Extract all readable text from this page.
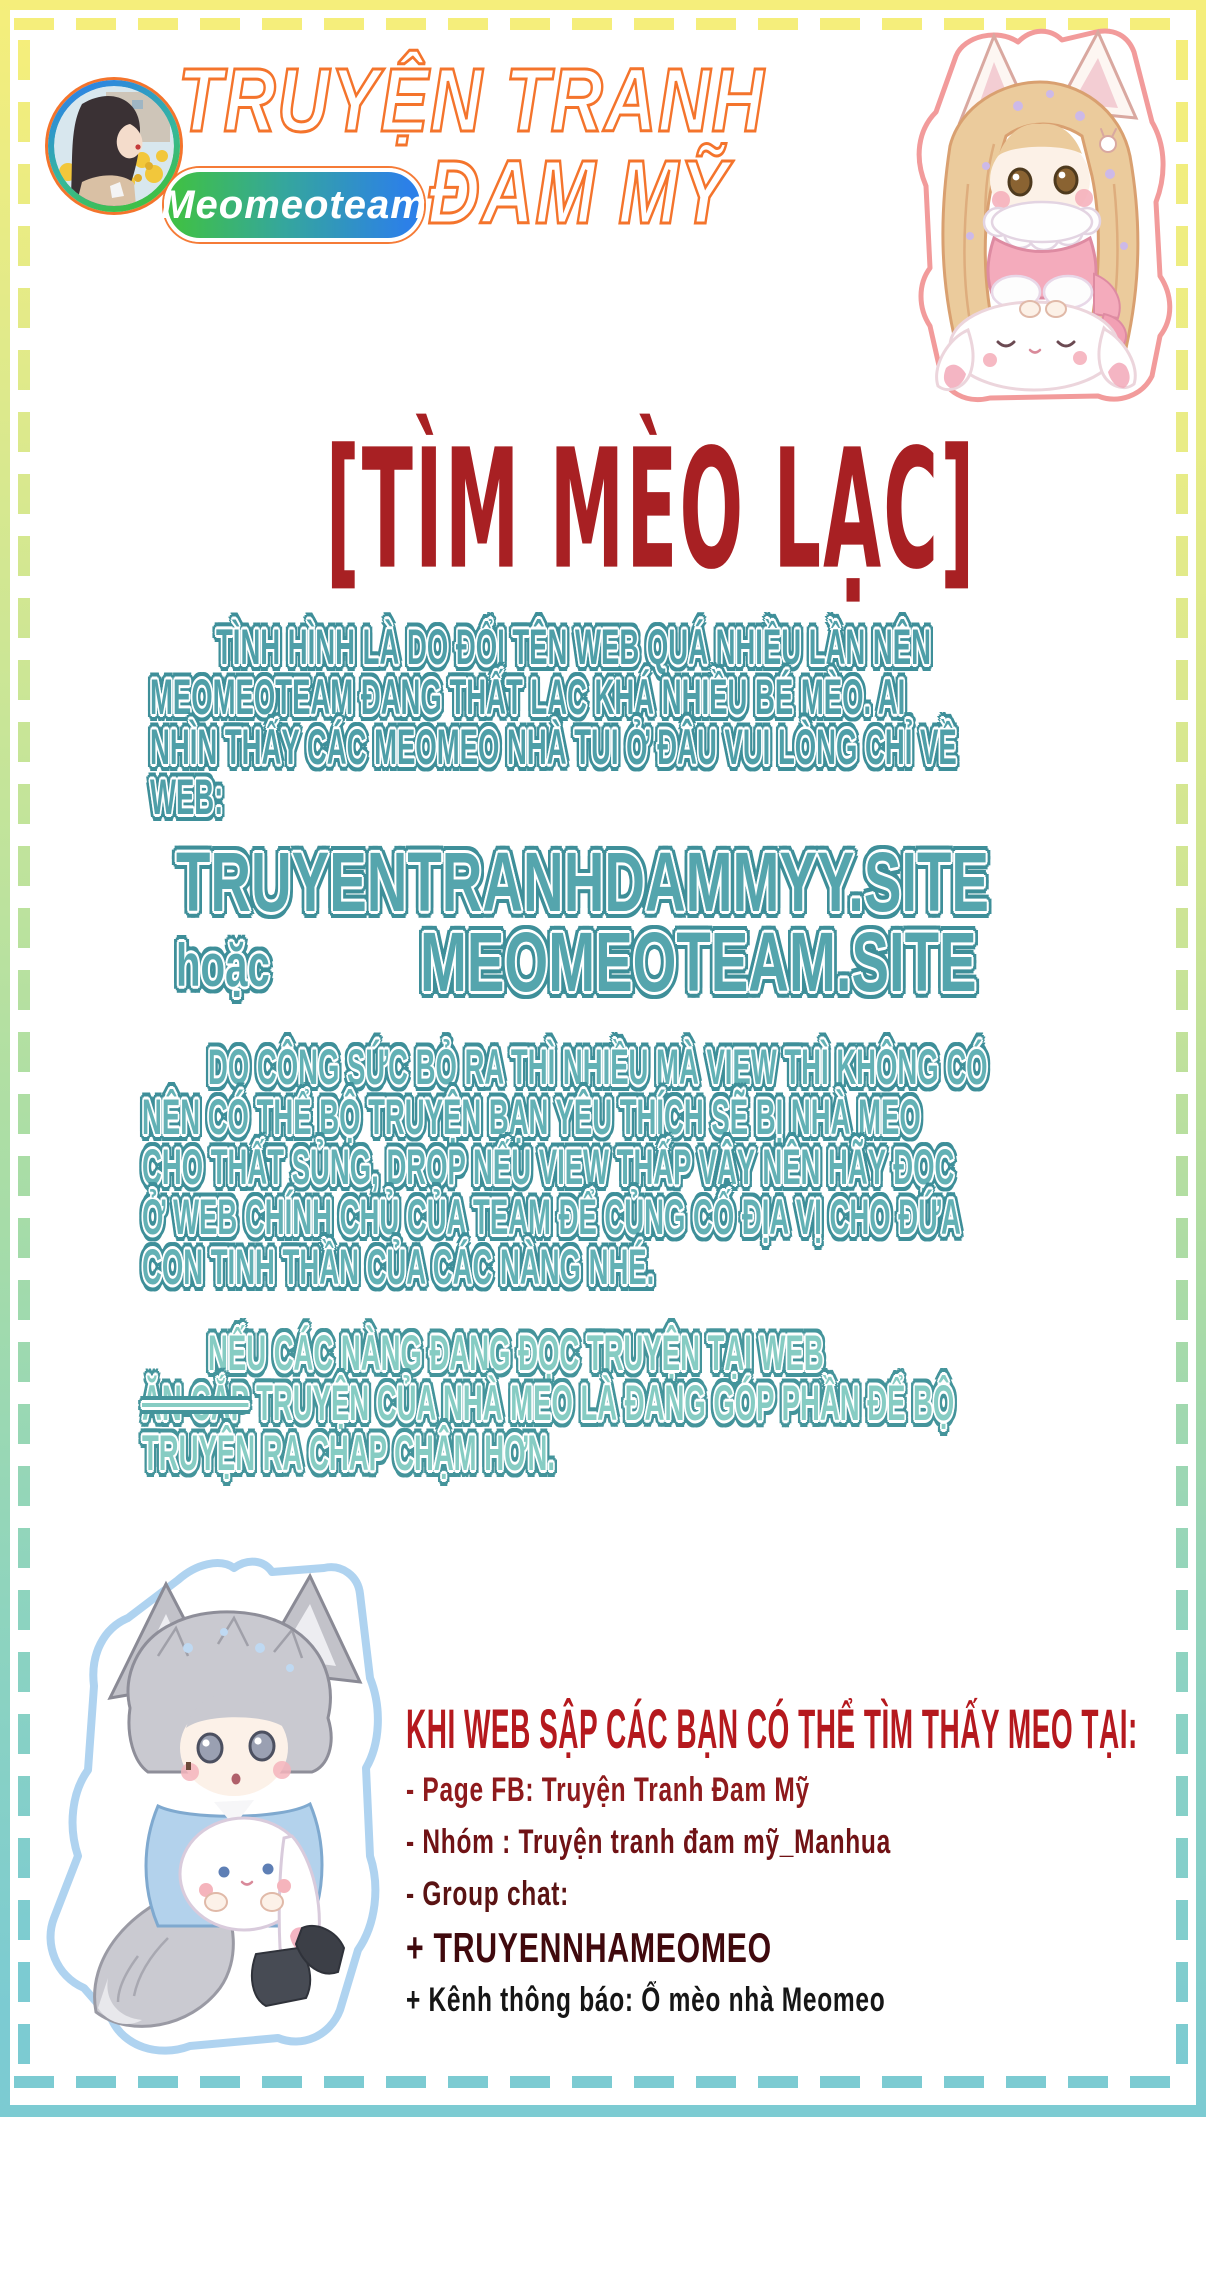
TRUYỆN TRANH
ĐAM MỸ
Meomeoteam
[TÌM MÈO LẠC]
TÌNH HÌNH LÀ DO ĐỔI TÊN WEB QUÁ NHIỀU LẦN NÊN
MEOMEOTEAM ĐANG THẤT LẠC KHÁ NHIỀU BÉ MÈO. AI
NHÌN THẤY CÁC MEOMEO NHÀ TUI Ở ĐÂU VUI LÒNG CHỈ VỀ
WEB:
TRUYENTRANHDAMMYY.SITE
hoặc MEOMEOTEAM.SITE
DO CÔNG SỨC BỎ RA THÌ NHIỀU MÀ VIEW THÌ KHÔNG CÓ
NÊN CÓ THỂ BỘ TRUYỆN BẠN YÊU THÍCH SẼ BỊ NHÀ MEO
CHO THẤT SỦNG, DROP NẾU VIEW THẤP VẬY NÊN HÃY ĐỌC
Ở WEB CHÍNH CHỦ CỦA TEAM ĐỂ CỦNG CỐ ĐỊA VỊ CHO ĐỨA
CON TINH THẦN CỦA CÁC NÀNG NHÉ.
NẾU CÁC NÀNG ĐANG ĐỌC TRUYỆN TẠI WEB
ĂN-CẮP TRUYỆN CỦA NHÀ MEO LÀ ĐANG GÓP PHẦN ĐỂ BỘ
TRUYỆN RA CHAP CHẬM HƠN.
KHI WEB SẬP CÁC BẠN CÓ THỂ TÌM THẤY MEO TẠI:
- Page FB: Truyện Tranh Đam Mỹ
- Nhóm : Truyện tranh đam mỹ_Manhua
- Group chat:
+ TRUYENNHAMEOMEO
+ Kênh thông báo: Ổ mèo nhà Meomeo
